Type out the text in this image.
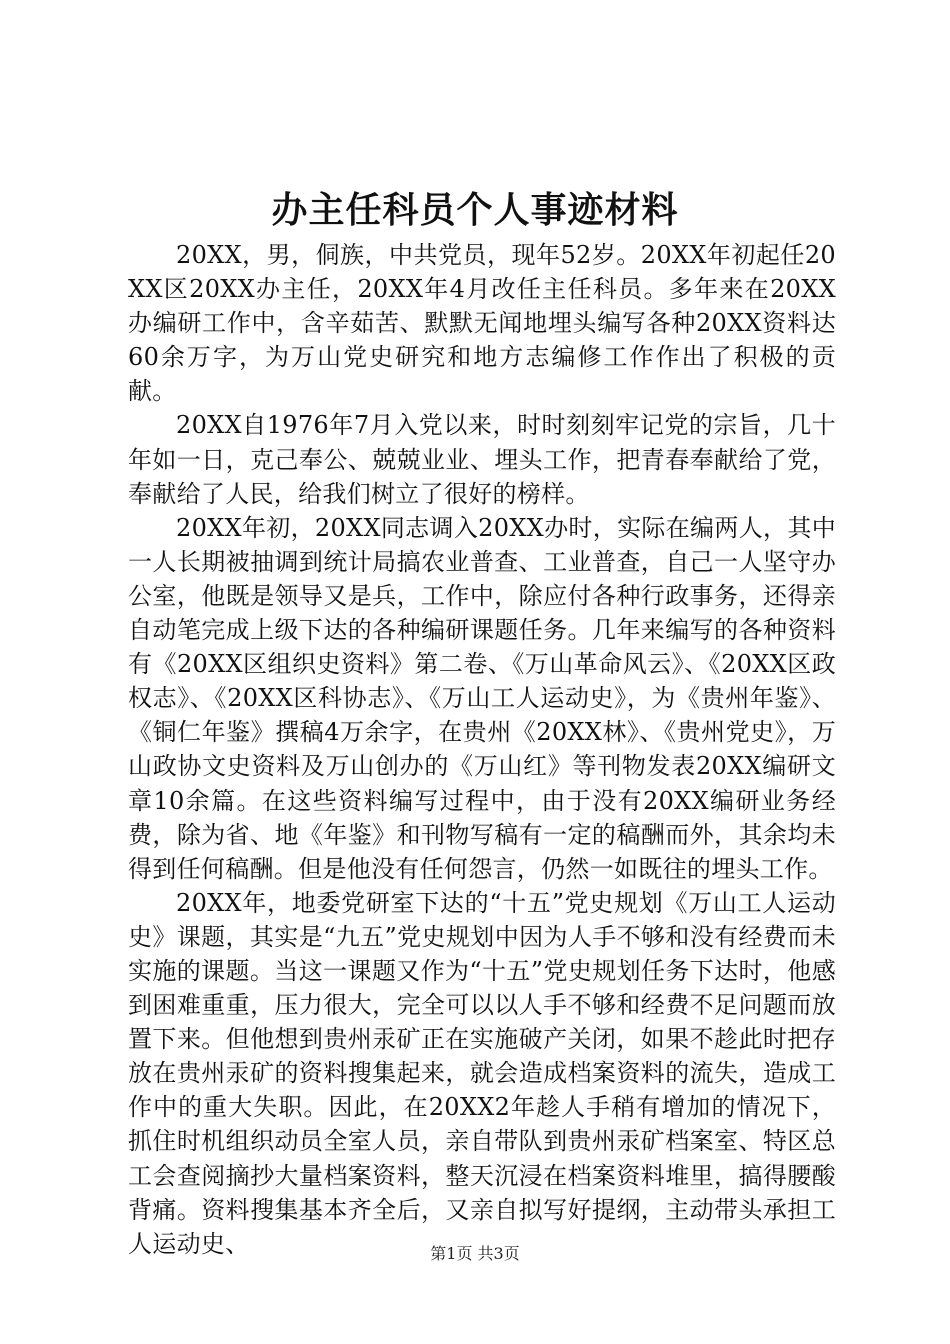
办主任科员个人事迹材料

20XX，男，侗族，中共党员，现年52岁。20XX年初起任20XX区20XX办主任，20XX年4月改任主任科员。多年来在20XX办编研工作中，含辛茹苦、默默无闻地埋头编写各种20XX资料达60余万字，为万山党史研究和地方志编修工作作出了积极的贡献。

20XX自1976年7月入党以来，时时刻刻牢记党的宗旨，几十年如一日，克己奉公、兢兢业业、埋头工作，把青春奉献给了党，奉献给了人民，给我们树立了很好的榜样。

20XX年初，20XX同志调入20XX办时，实际在编两人，其中一人长期被抽调到统计局搞农业普查、工业普查，自己一人坚守办公室，他既是领导又是兵，工作中，除应付各种行政事务，还得亲自动笔完成上级下达的各种编研课题任务。几年来编写的各种资料有《20XX区组织史资料》第二卷、《万山革命风云》、《20XX区政权志》、《20XX区科协志》、《万山工人运动史》，为《贵州年鉴》、《铜仁年鉴》撰稿4万余字，在贵州《20XX林》、《贵州党史》，万山政协文史资料及万山创办的《万山红》等刊物发表20XX编研文章10余篇。在这些资料编写过程中，由于没有20XX编研业务经费，除为省、地《年鉴》和刊物写稿有一定的稿酬而外，其余均未得到任何稿酬。但是他没有任何怨言，仍然一如既往的埋头工作。

20XX年，地委党研室下达的“十五”党史规划《万山工人运动史》课题，其实是“九五”党史规划中因为人手不够和没有经费而未实施的课题。当这一课题又作为“十五”党史规划任务下达时，他感到困难重重，压力很大，完全可以以人手不够和经费不足问题而放置下来。但他想到贵州汞矿正在实施破产关闭，如果不趁此时把存放在贵州汞矿的资料搜集起来，就会造成档案资料的流失，造成工作中的重大失职。因此，在20XX2年趁人手稍有增加的情况下，抓住时机组织动员全室人员，亲自带队到贵州汞矿档案室、特区总工会查阅摘抄大量档案资料，整天沉浸在档案资料堆里，搞得腰酸背痛。资料搜集基本齐全后，又亲自拟写好提纲，主动带头承担工人运动史、	第1页 共3页
